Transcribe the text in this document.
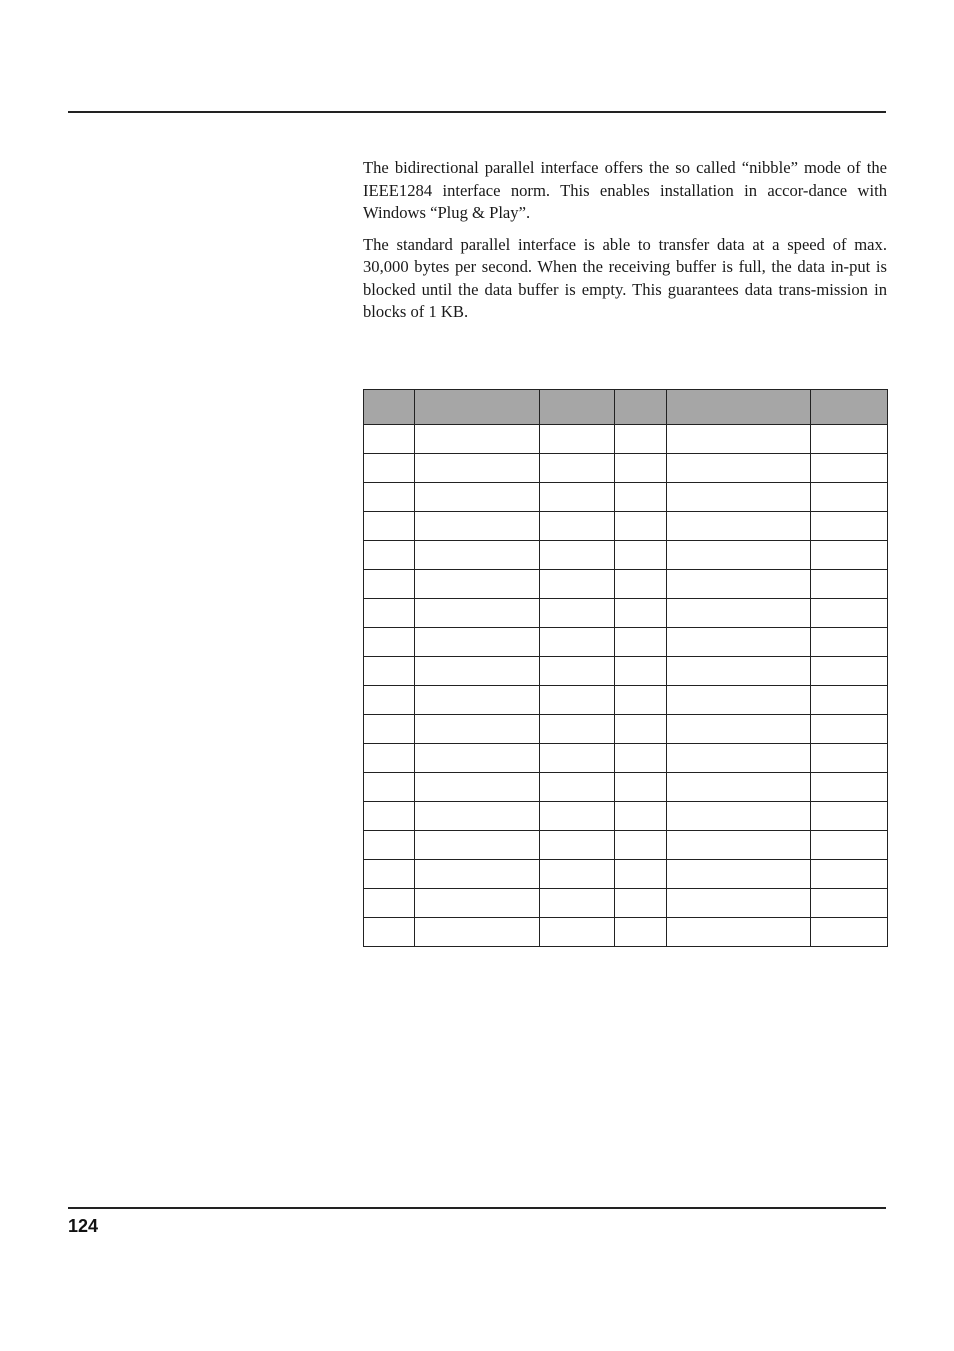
The bidirectional parallel interface offers the so called “nibble” mode of the IEEE1284 interface norm. This enables installation in accor-dance with Windows “Plug & Play”.

The standard parallel interface is able to transfer data at a speed of max. 30,000 bytes per second. When the receiving buffer is full, the data in-put is blocked until the data buffer is empty. This guarantees data trans-mission in blocks of 1 KB.

124
